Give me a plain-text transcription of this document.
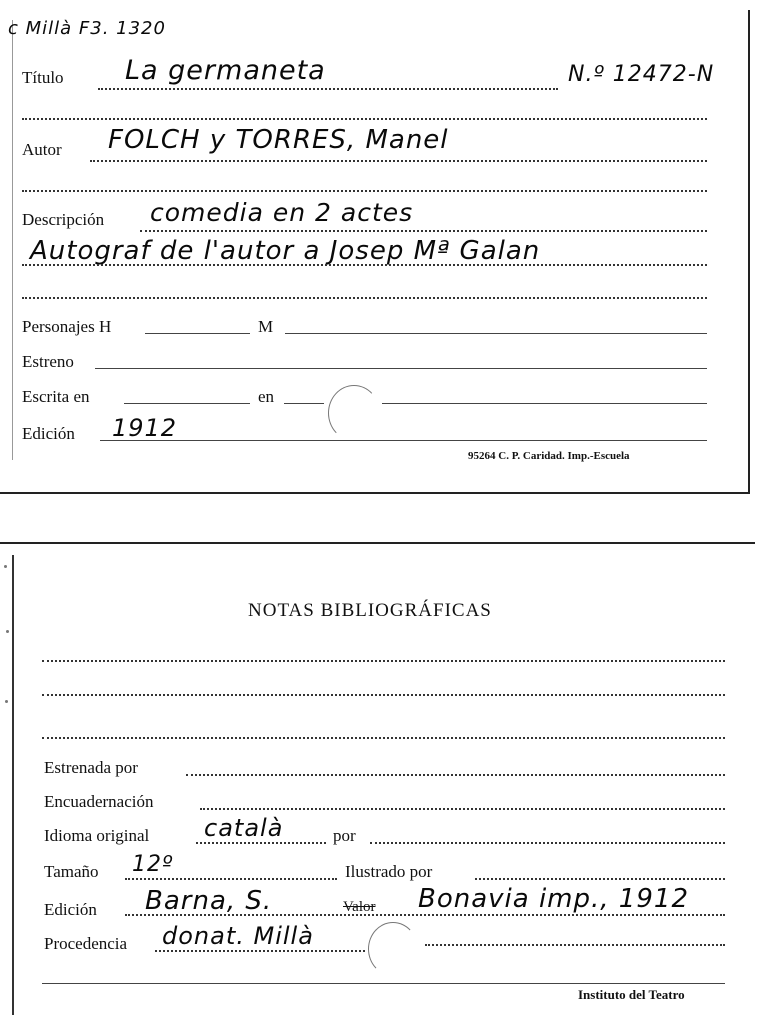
c Millà F3. 1320
Título La germaneta	N.º 12472-N
Autor FOLCH y TORRES, Manel
Descripción comedia en 2 actes
Autograf de l'autor a Josep Mª Galan
Personajes H	M
Estreno
Escrita en	en
Edición 1912
95264 C. P. Caridad. Imp.-Escuela
NOTAS BIBLIOGRÁFICAS
Estrenada por
Encuadernación
Idioma original català	por
Tamaño 12º	Ilustrado por
Edición Barna, S.	Valor Bonavia imp., 1912
Procedencia donat. Millà
Instituto del Teatro
